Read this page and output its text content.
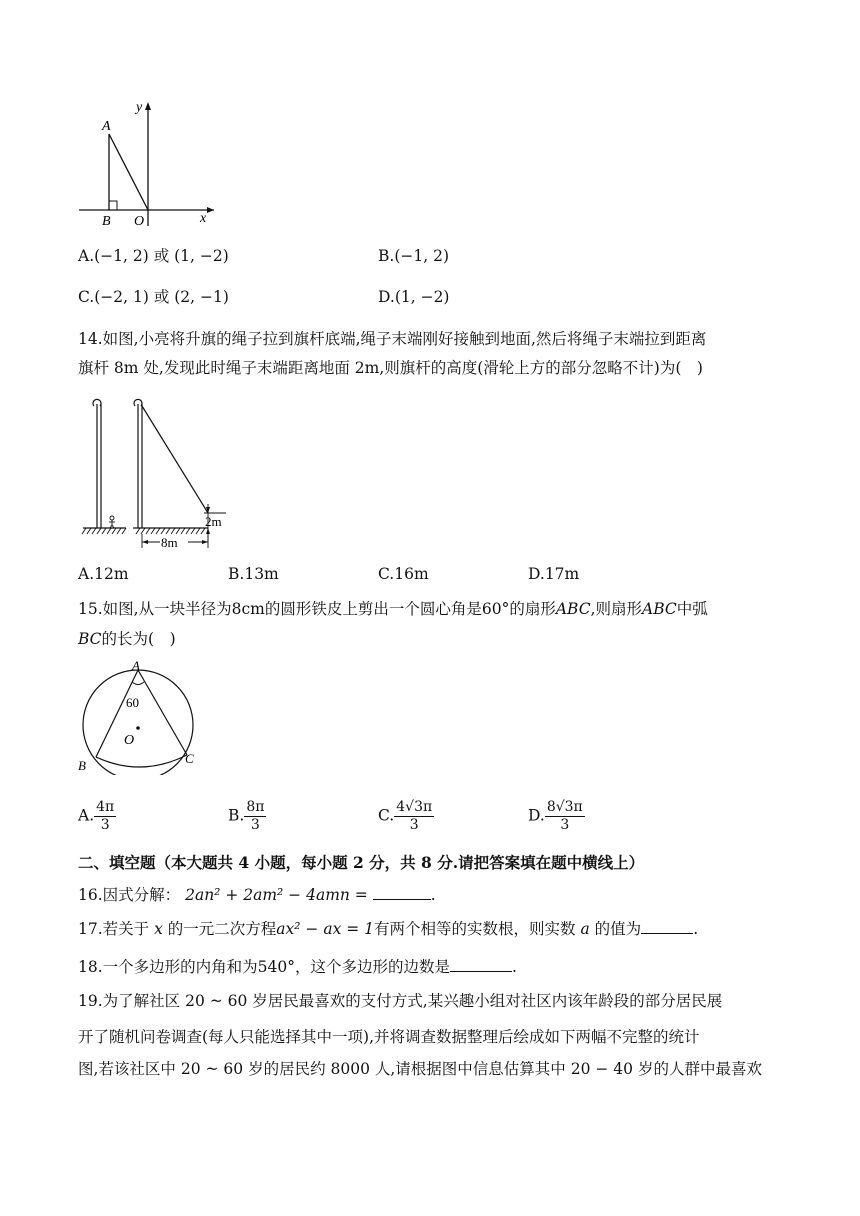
y
A
B O	x
A.(−1, 2) 或 (1, −2)	B.(−1, 2)
C.(−2, 1) 或 (2, −1)	D.(1, −2)
14.如图,小亮将升旗的绳子拉到旗杆底端,绳子末端刚好接触到地面,然后将绳子末端拉到距离
旗杆 8m 处,发现此时绳子末端距离地面 2m,则旗杆的高度(滑轮上方的部分忽略不计)为(　)
2m
8m
A.12m	B.13m	C.16m	D.17m
15.如图,从一块半径为8cm的圆形铁皮上剪出一个圆心角是60°的扇形ABC,则扇形ABC中弧
BC的长为(　)
A
60
O
B	C
A. $\frac{4\pi}{3}$	B. $\frac{8\pi}{3}$	C. $\frac{4√3\pi}{3}$	D. $\frac{8√3\pi}{3}$
二、填空题（本大题共 4 小题，每小题 2 分，共 8 分.请把答案填在题中横线上）
16.因式分解： 2an² + 2am² − 4amn =	.
17.若关于 x 的一元二次方程ax² − ax = 1有两个相等的实数根，则实数 a 的值为	.
18.一个多边形的内角和为540°，这个多边形的边数是	.
19.为了解社区 20 ~ 60 岁居民最喜欢的支付方式,某兴趣小组对社区内该年龄段的部分居民展
开了随机问卷调查(每人只能选择其中一项),并将调查数据整理后绘成如下两幅不完整的统计
图,若该社区中 20 ~ 60 岁的居民约 8000 人,请根据图中信息估算其中 20 − 40 岁的人群中最喜欢
